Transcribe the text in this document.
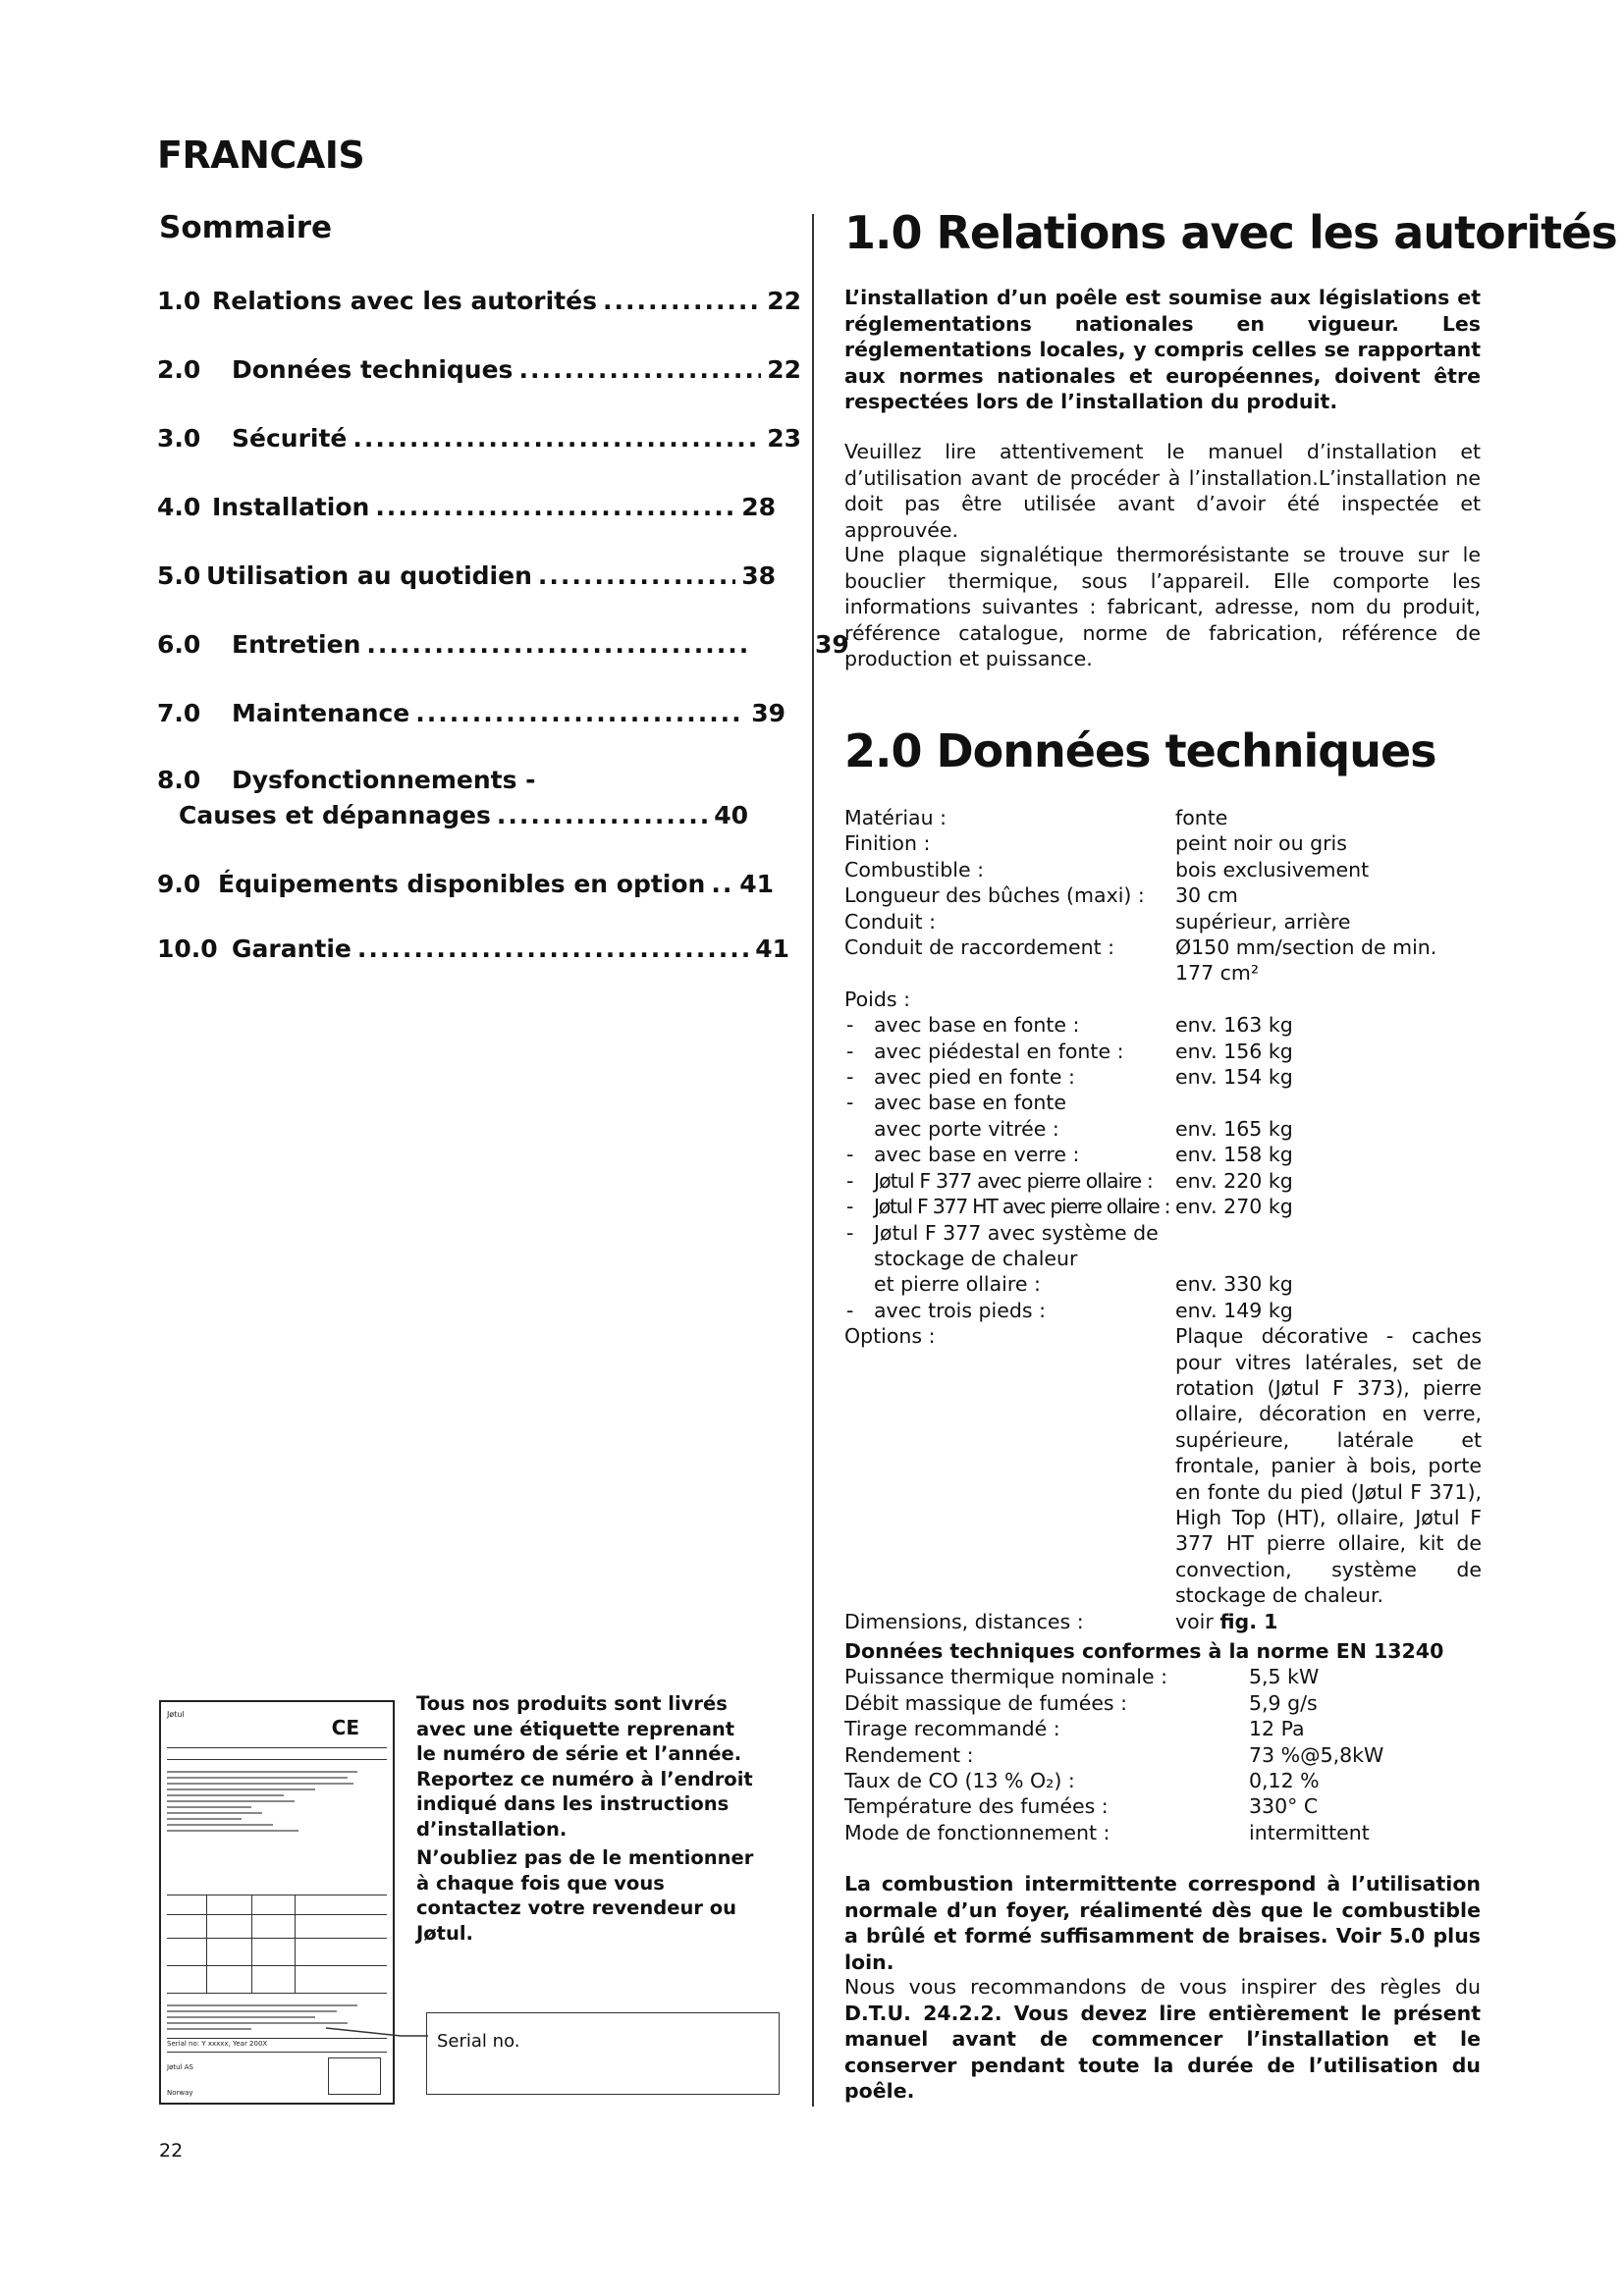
FRANCAIS
Sommaire
1.0 Relations avec les autorités .....	22
2.0	Données techniques .....	22
3.0	Sécurité .....	23
4.0 Installation .....	28
5.0 Utilisation au quotidien .....	38
6.0	Entretien .....	39
7.0	Maintenance .....	39
8.0	Dysfonctionnements -
Causes et dépannages .....	40
9.0 Équipements disponibles en option ..... 41
10.0 Garantie .....	41
1.0 Relations avec les autorités
L’installation d’un poêle est soumise aux législations et réglementations nationales en vigueur. Les réglementations locales, y compris celles se rapportant aux normes nationales et européennes, doivent être respectées lors de l’installation du produit.
Veuillez lire attentivement le manuel d’installation et d’utilisation avant de procéder à l’installation.L’installation ne doit pas être utilisée avant d’avoir été inspectée et approuvée.
Une plaque signalétique thermorésistante se trouve sur le bouclier thermique, sous l’appareil. Elle comporte les informations suivantes : fabricant, adresse, nom du produit, référence catalogue, norme de fabrication, référence de production et puissance.
2.0 Données techniques
Matériau :	fonte
Finition :	peint noir ou gris
Combustible :	bois exclusivement
Longueur des bûches (maxi) :	30 cm
Conduit :	supérieur, arrière
Conduit de raccordement :	Ø150 mm/section de min.
177 cm²
Poids :
- avec base en fonte :	env. 163 kg
- avec piédestal en fonte :	env. 156 kg
- avec pied en fonte :	env. 154 kg
- avec base en fonte
avec porte vitrée :	env. 165 kg
- avec base en verre :	env. 158 kg
- Jøtul F 377 avec pierre ollaire :	env. 220 kg
- Jøtul F 377 HT avec pierre ollaire : env. 270 kg
- Jøtul F 377 avec système de
stockage de chaleur
et pierre ollaire :	env. 330 kg
- avec trois pieds :	env. 149 kg
Options :	Plaque décorative - caches pour vitres latérales, set de rotation (Jøtul F 373), pierre ollaire, décoration en verre, supérieure, latérale et frontale, panier à bois, porte en fonte du pied (Jøtul F 371), High Top (HT), ollaire, Jøtul F 377 HT pierre ollaire, kit de convection, système de stockage de chaleur.
Dimensions, distances :	voir fig. 1
Données techniques conformes à la norme EN 13240
Puissance thermique nominale :	5,5 kW
Débit massique de fumées :	5,9 g/s
Tirage recommandé :	12 Pa
Rendement :	73 %@5,8kW
Taux de CO (13 % O₂) :	0,12 %
Température des fumées :	330° C
Mode de fonctionnement :	intermittent
La combustion intermittente correspond à l’utilisation normale d’un foyer, réalimenté dès que le combustible a brûlé et formé suffisamment de braises. Voir 5.0 plus loin.
Nous vous recommandons de vous inspirer des règles du D.T.U. 24.2.2. Vous devez lire entièrement le présent manuel avant de commencer l’installation et le conserver pendant toute la durée de l’utilisation du poêle.
Jøtul
CE
Serial no: Y xxxxx, Year 200X
Jøtul AS
Norway
Tous nos produits sont livrés avec une étiquette reprenant le numéro de série et l’année. Reportez ce numéro à l’endroit indiqué dans les instructions d’installation.
N’oubliez pas de le mentionner à chaque fois que vous contactez votre revendeur ou Jøtul.
Serial no.
22
